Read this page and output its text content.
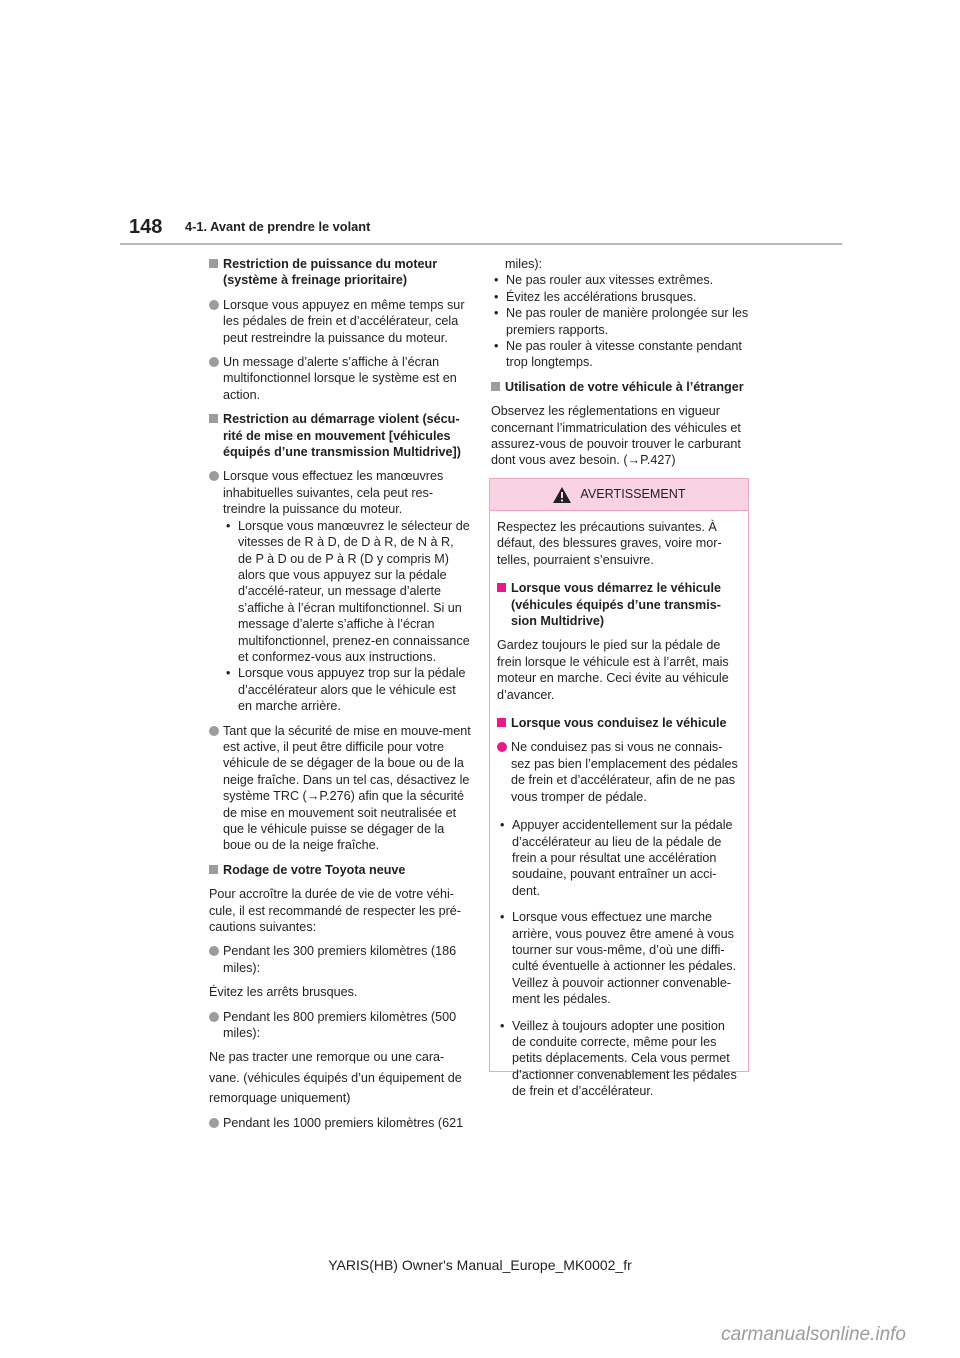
148 4-1. Avant de prendre le volant
Restriction de puissance du moteur (système à freinage prioritaire)
Lorsque vous appuyez en même temps sur les pédales de frein et d’accélérateur, cela peut restreindre la puissance du moteur.
Un message d’alerte s’affiche à l’écran multifonctionnel lorsque le système est en action.
Restriction au démarrage violent (sécu-rité de mise en mouvement [véhicules équipés d’une transmission Multidrive])
Lorsque vous effectuez les manœuvres inhabituelles suivantes, cela peut res-treindre la puissance du moteur.
• Lorsque vous manœuvrez le sélecteur de vitesses de R à D, de D à R, de N à R, de P à D ou de P à R (D y compris M) alors que vous appuyez sur la pédale d’accélé-rateur, un message d’alerte s’affiche à l’écran multifonctionnel. Si un message d’alerte s’affiche à l’écran multifonctionnel, prenez-en connaissance et conformez-vous aux instructions.
• Lorsque vous appuyez trop sur la pédale d’accélérateur alors que le véhicule est en marche arrière.
Tant que la sécurité de mise en mouve-ment est active, il peut être difficile pour votre véhicule de se dégager de la boue ou de la neige fraîche. Dans un tel cas, désactivez le système TRC (→P.276) afin que la sécurité de mise en mouvement soit neutralisée et que le véhicule puisse se dégager de la boue ou de la neige fraîche.
Rodage de votre Toyota neuve

Pour accroître la durée de vie de votre véhi-cule, il est recommandé de respecter les pré-cautions suivantes:

Pendant les 300 premiers kilomètres (186 miles):

Évitez les arrêts brusques.

Pendant les 800 premiers kilomètres (500 miles):

Ne pas tracter une remorque ou une cara-

vane. (véhicules équipés d’un équipement de

remorquage uniquement)

Pendant les 1000 premiers kilomètres (621
miles):
• Ne pas rouler aux vitesses extrêmes.
• Évitez les accélérations brusques.
• Ne pas rouler de manière prolongée sur les premiers rapports.
• Ne pas rouler à vitesse constante pendant trop longtemps.
Utilisation de votre véhicule à l’étranger

Observez les réglementations en vigueur concernant l’immatriculation des véhicules et assurez-vous de pouvoir trouver le carburant dont vous avez besoin. (→P.427)

AVERTISSEMENT

Respectez les précautions suivantes. À défaut, des blessures graves, voire mor-telles, pourraient s’ensuivre.

Lorsque vous démarrez le véhicule (véhicules équipés d’une transmis-sion Multidrive)

Gardez toujours le pied sur la pédale de frein lorsque le véhicule est à l’arrêt, mais moteur en marche. Ceci évite au véhicule d’avancer.

Lorsque vous conduisez le véhicule
Ne conduisez pas si vous ne connais-sez pas bien l’emplacement des pédales de frein et d’accélérateur, afin de ne pas vous tromper de pédale.
• Appuyer accidentellement sur la pédale d’accélérateur au lieu de la pédale de frein a pour résultat une accélération soudaine, pouvant entraîner un acci-dent.
• Lorsque vous effectuez une marche arrière, vous pouvez être amené à vous tourner sur vous-même, d’où une diffi-culté éventuelle à actionner les pédales. Veillez à pouvoir actionner convenable-ment les pédales.
• Veillez à toujours adopter une position de conduite correcte, même pour les petits déplacements. Cela vous permet d’actionner convenablement les pédales de frein et d’accélérateur.
YARIS(HB) Owner's Manual_Europe_MK0002_fr
carmanualsonline.info
